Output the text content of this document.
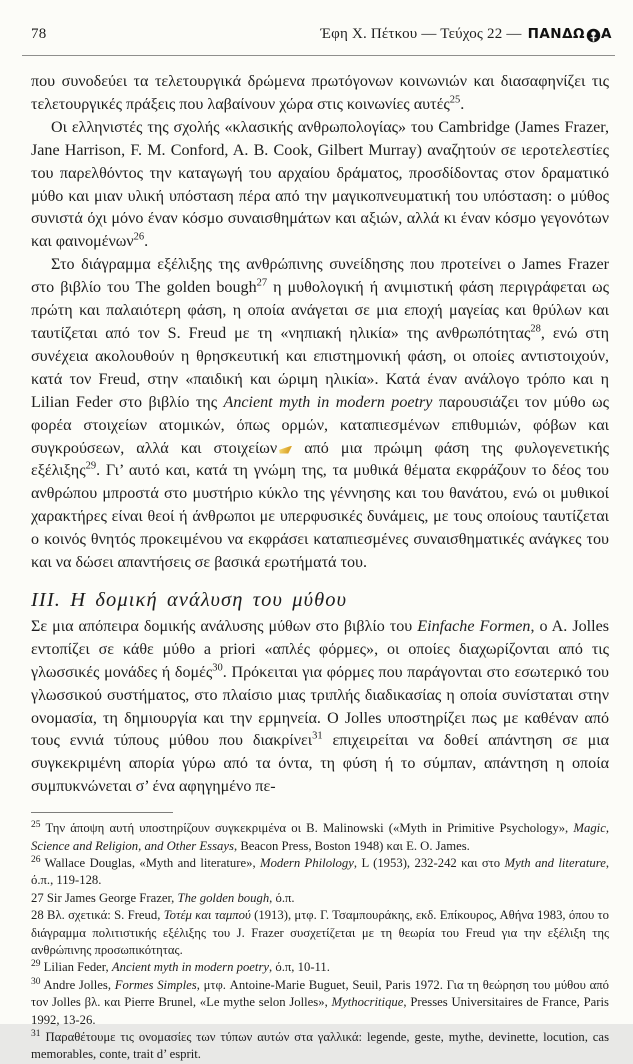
78	Έφη Χ. Πέτκου — Τεύχος 22 — ΠΑΝΔΩ Α

που συνοδεύει τα τελετουργικά δρώμενα πρωτόγονων κοινωνιών και διασαφηνίζει τις τελετουργικές πράξεις που λαβαίνουν χώρα στις κοινωνίες αυτές$^{25}$.

Οι ελληνιστές της σχολής «κλασικής ανθρωπολογίας» του Cambridge (James Frazer, Jane Harrison, F. M. Conford, A. B. Cook, Gilbert Murray) αναζητούν σε ιεροτελεστίες του παρελθόντος την καταγωγή του αρχαίου δράματος, προσδίδοντας στον δραματικό μύθο και μιαν υλική υπόσταση πέρα από την μαγικοπνευματική του υπόσταση: ο μύθος συνιστά όχι μόνο έναν κόσμο συναισθημάτων και αξιών, αλλά κι έναν κόσμο γεγονότων και φαινομένων$^{26}$.

Στο διάγραμμα εξέλιξης της ανθρώπινης συνείδησης που προτείνει ο James Frazer στο βιβλίο του The golden bough$^{27}$ η μυθολογική ή ανιμιστική φάση περιγράφεται ως πρώτη και παλαιότερη φάση, η οποία ανάγεται σε μια εποχή μαγείας και θρύλων και ταυτίζεται από τον S. Freud με τη «νηπιακή ηλικία» της ανθρωπότητας$^{28}$, ενώ στη συνέχεια ακολουθούν η θρησκευτική και επιστημονική φάση, οι οποίες αντιστοιχούν, κατά τον Freud, στην «παιδική και ώριμη ηλικία». Κατά έναν ανάλογο τρόπο και η Lilian Feder στο βιβλίο της Ancient myth in modern poetry παρουσιάζει τον μύθο ως φορέα στοιχείων ατομικών, όπως ορμών, καταπιεσμένων επιθυμιών, φόβων και συγκρούσεων, αλλά και στοιχείων από μια πρώιμη φάση της φυλογενετικής εξέλιξης$^{29}$. Γι’ αυτό και, κατά τη γνώμη της, τα μυθικά θέματα εκφράζουν το δέος του ανθρώπου μπροστά στο μυστήριο κύκλο της γέννησης και του θανάτου, ενώ οι μυθικοί χαρακτήρες είναι θεοί ή άνθρωποι με υπερφυσικές δυνάμεις, με τους οποίους ταυτίζεται ο κοινός θνητός προκειμένου να εκφράσει καταπιεσμένες συναισθηματικές ανάγκες του και να δώσει απαντήσεις σε βασικά ερωτήματά του.

III. Η δομική ανάλυση του μύθου

Σε μια απόπειρα δομικής ανάλυσης μύθων στο βιβλίο του Einfache Formen, ο Α. Jolles εντοπίζει σε κάθε μύθο a priori «απλές φόρμες», οι οποίες διαχωρίζονται από τις γλωσσικές μονάδες ή δομές$^{30}$. Πρόκειται για φόρμες που παράγονται στο εσωτερικό του γλωσσικού συστήματος, στο πλαίσιο μιας τριπλής διαδικασίας η οποία συνίσταται στην ονομασία, τη δημιουργία και την ερμηνεία. Ο Jolles υποστηρίζει πως με καθέναν από τους εννιά τύπους μύθου που διακρίνει$^{31}$ επιχειρείται να δοθεί απάντηση σε μια συγκεκριμένη απορία γύρω από τα όντα, τη φύση ή το σύμπαν, απάντηση η οποία συμπυκνώνεται σ’ ένα αφηγημένο πε-

$^{25}$ Την άποψη αυτή υποστηρίζουν συγκεκριμένα οι B. Malinowski («Myth in Primitive Psychology», Magic, Science and Religion, and Other Essays, Beacon Press, Boston 1948) και E. O. James.

$^{26}$ Wallace Douglas, «Myth and literature», Modern Philology, L (1953), 232-242 και στο Myth and literature, ό.π., 119-128.

27 Sir James George Frazer, The golden bough, ό.π.

28 Βλ. σχετικά: S. Freud, Τοτέμ και ταμπού (1913), μτφ. Γ. Τσαμπουράκης, εκδ. Επίκουρος, Αθήνα 1983, όπου το διάγραμμα πολιτιστικής εξέλιξης του J. Frazer συσχετίζεται με τη θεωρία του Freud για την εξέλιξη της ανθρώπινης προσωπικότητας.

$^{29}$ Lilian Feder, Ancient myth in modern poetry, ό.π, 10-11.

$^{30}$ Andre Jolles, Formes Simples, μτφ. Antoine-Marie Buguet, Seuil, Paris 1972. Για τη θεώρηση του μύθου από τον Jolles βλ. και Pierre Brunel, «Le mythe selon Jolles», Mythocritique, Presses Universitaires de France, Paris 1992, 13-26.

$^{31}$ Παραθέτουμε τις ονομασίες των τύπων αυτών στα γαλλικά: legende, geste, mythe, devinette, locution, cas memorables, conte, trait d’ esprit.
